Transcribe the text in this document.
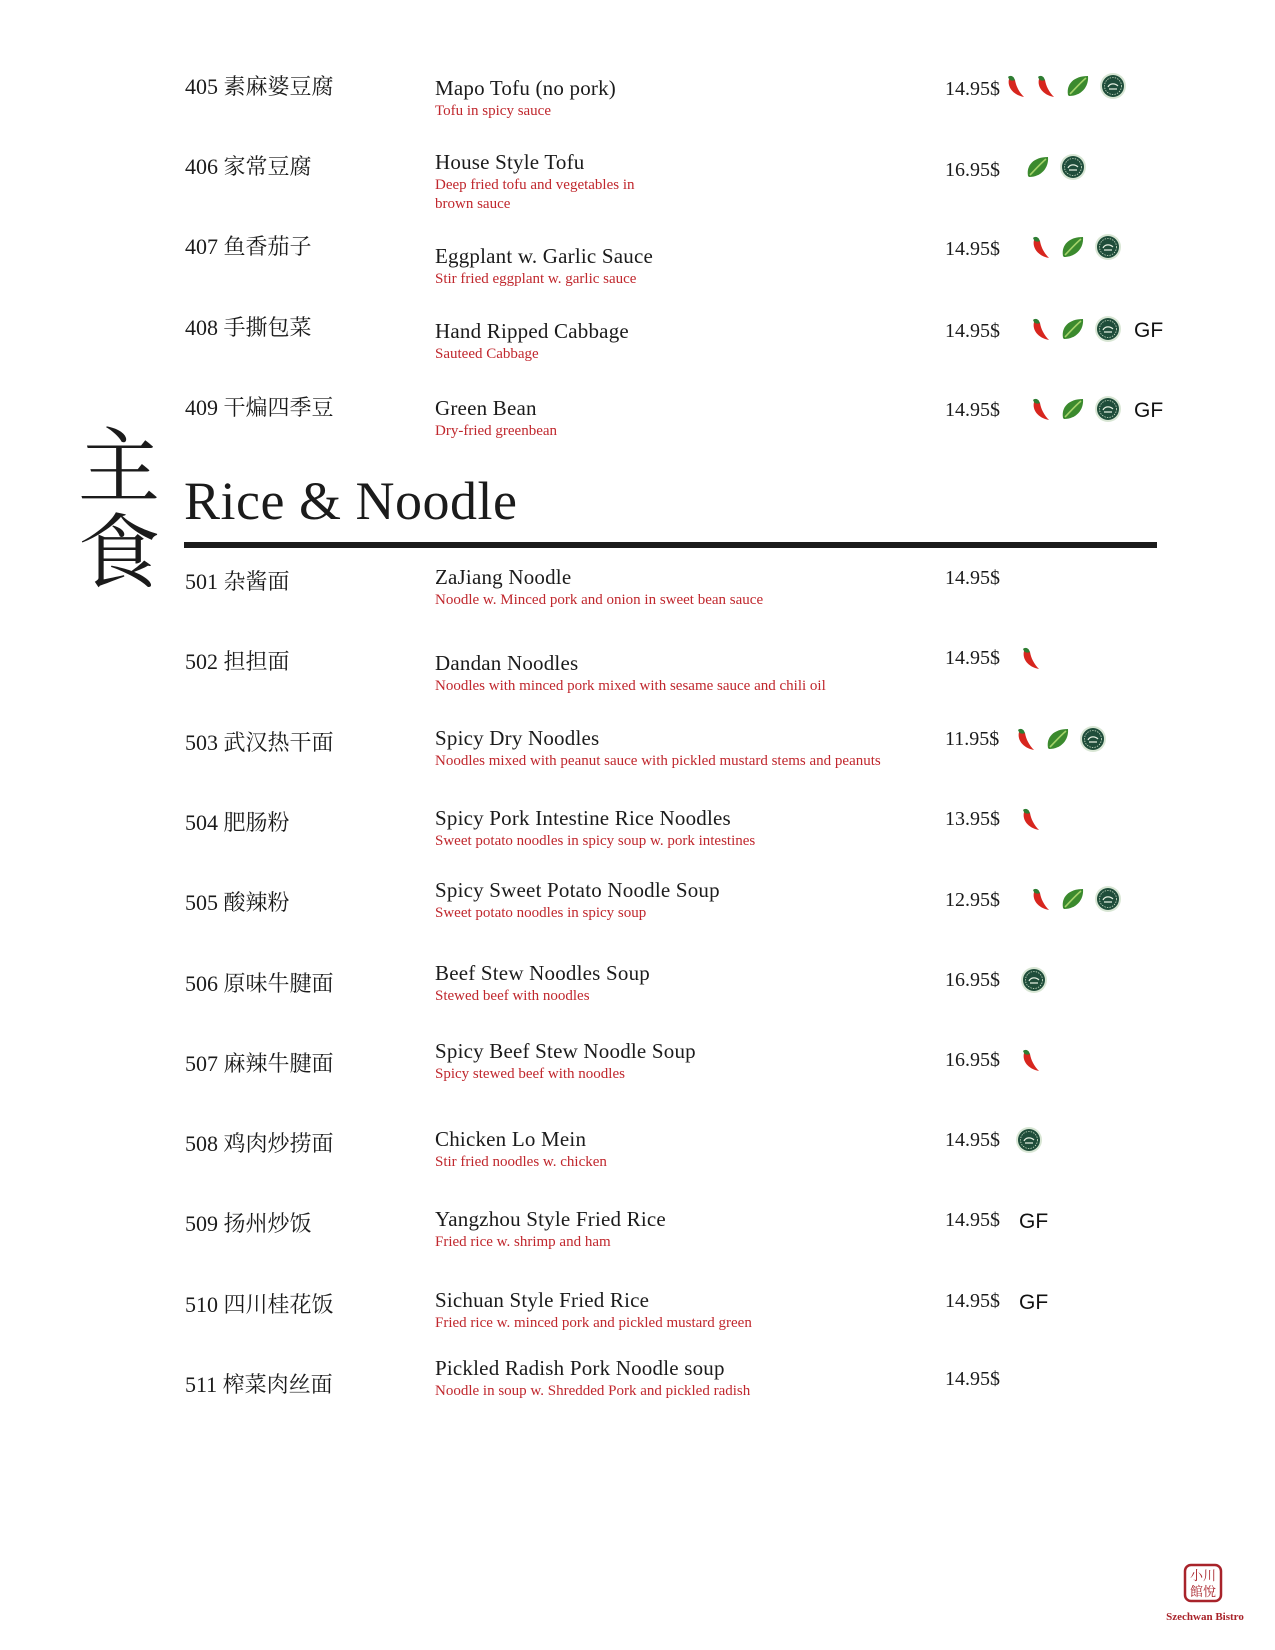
405 素麻婆豆腐	Mapo Tofu (no pork)
Tofu in spicy sauce
14.95$
406 家常豆腐	House Style Tofu
Deep fried tofu and vegetables in
brown sauce
16.95$
407 鱼香茄子	Eggplant w. Garlic Sauce
Stir fried eggplant w. garlic sauce
14.95$
408 手撕包菜	Hand Ripped Cabbage
Sauteed Cabbage
14.95$	GF
409 干煸四季豆	Green Bean
Dry-fried greenbean
14.95$	GF
主
食
Rice & Noodle
501 杂酱面	ZaJiang Noodle
Noodle w. Minced pork and onion in sweet bean sauce
14.95$
502 担担面	Dandan Noodles
Noodles with minced pork mixed with sesame sauce and chili oil
14.95$
503 武汉热干面	Spicy Dry Noodles
Noodles mixed with peanut sauce with pickled mustard stems and peanuts
11.95$
504 肥肠粉	Spicy Pork Intestine Rice Noodles
Sweet potato noodles in spicy soup w. pork intestines
13.95$
505 酸辣粉	Spicy Sweet Potato Noodle Soup
Sweet potato noodles in spicy soup
12.95$
506 原味牛腱面	Beef Stew Noodles Soup
Stewed beef with noodles
16.95$
507 麻辣牛腱面	Spicy Beef Stew Noodle Soup
Spicy stewed beef with noodles
16.95$
508 鸡肉炒捞面	Chicken Lo Mein
Stir fried noodles w. chicken
14.95$
509 扬州炒饭	Yangzhou Style Fried Rice
Fried rice w. shrimp and ham
14.95$ GF
510 四川桂花饭	Sichuan Style Fried Rice
Fried rice w. minced pork and pickled mustard green
14.95$ GF
511 榨菜肉丝面
Pickled Radish Pork Noodle soup
Noodle in soup w. Shredded Pork and pickled radish
14.95$
小川
館悅
Szechwan Bistro
